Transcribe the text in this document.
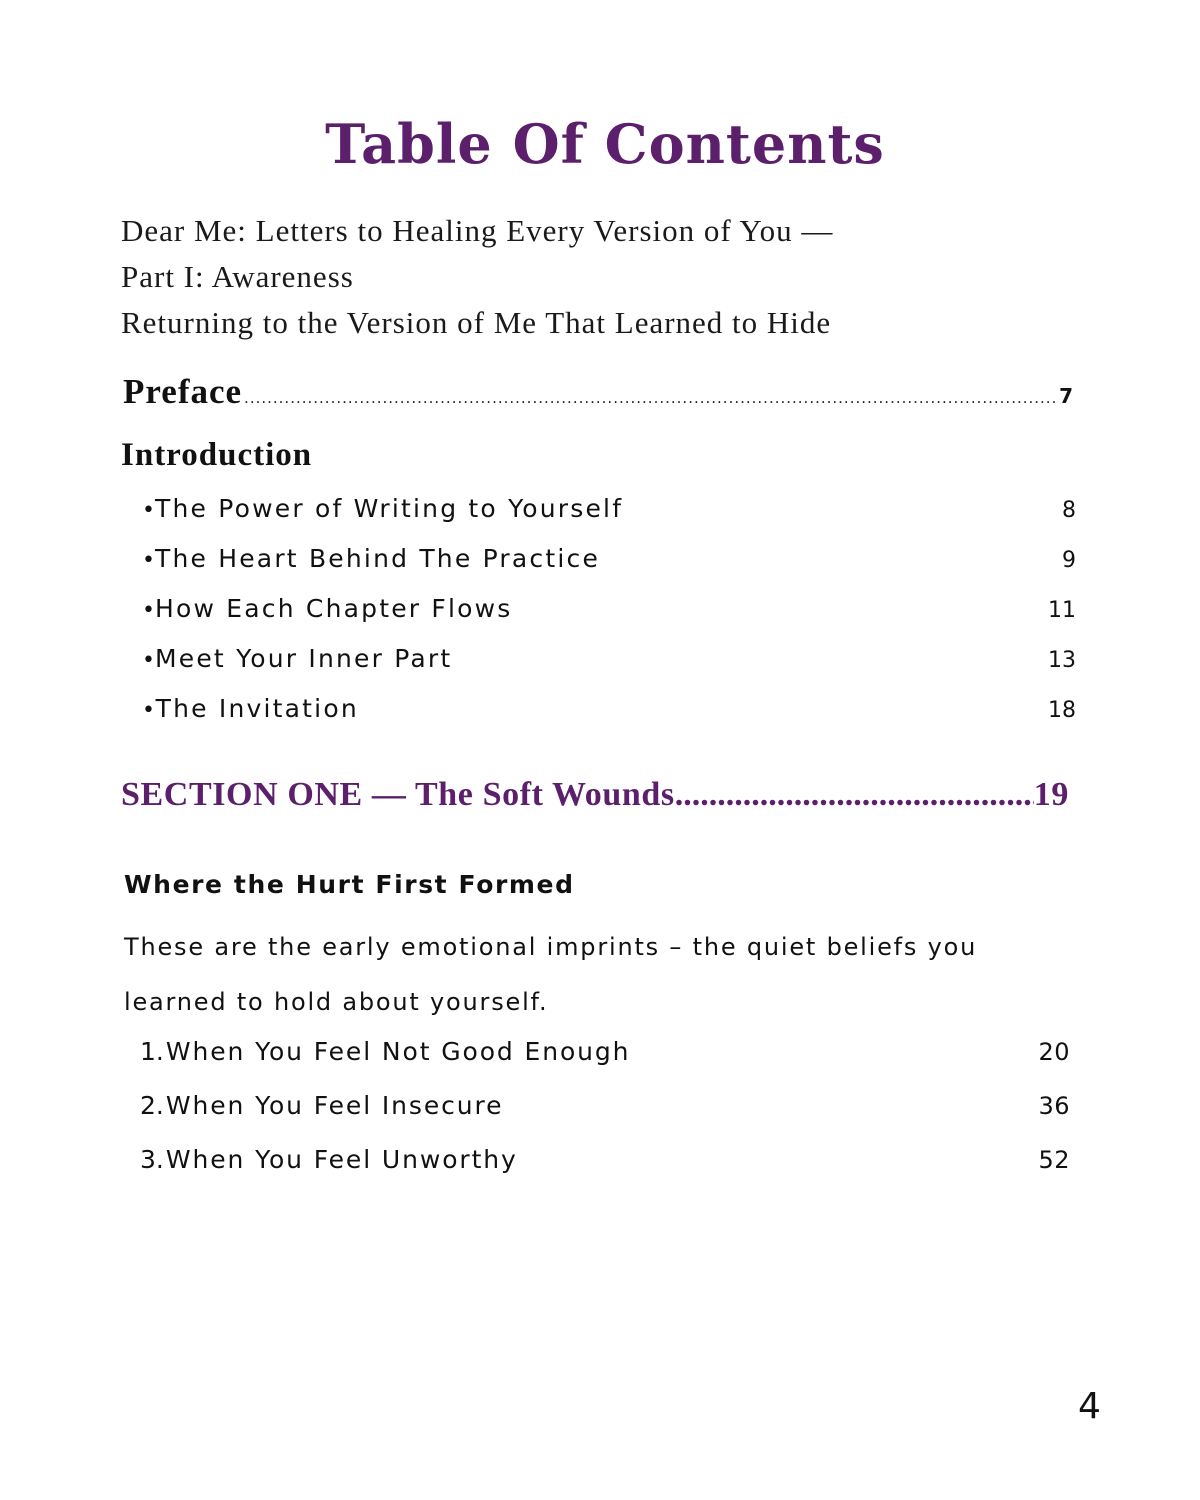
Table Of Contents
Dear Me: Letters to Healing Every Version of You —
Part I: Awareness
Returning to the Version of Me That Learned to Hide
Preface .....	7
Introduction
• The Power of Writing to Yourself .....	8
• The Heart Behind The Practice .....	9
• How Each Chapter Flows .....	11
• Meet Your Inner Part .....	13
• The Invitation .....	18
SECTION ONE — The Soft Wounds .....	19
Where the Hurt First Formed

These are the early emotional imprints – the quiet beliefs you learned to hold about yourself.

1. When You Feel Not Good Enough .....	20
2. When You Feel Insecure .....	36
3. When You Feel Unworthy .....	52
4
